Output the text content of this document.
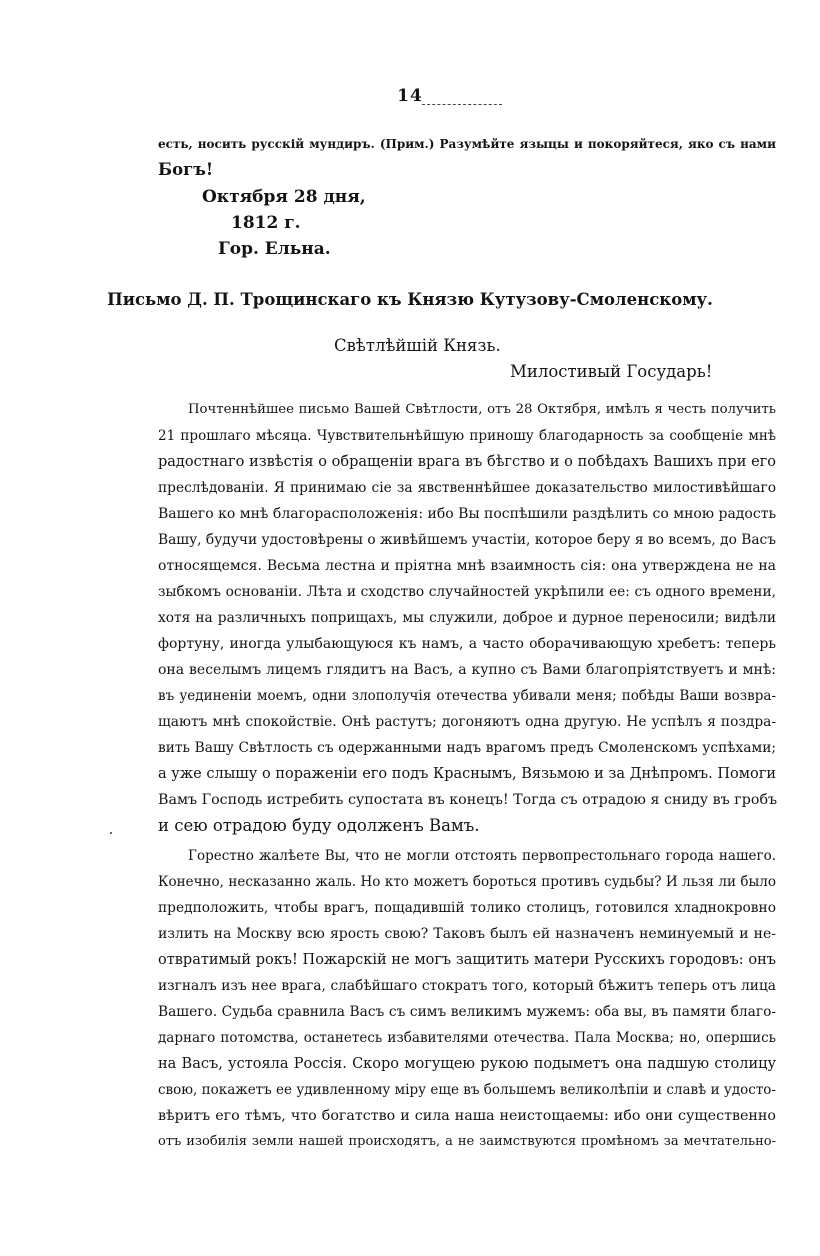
14
есть, носить русскій мундиръ. (Прим.) Разумѣйте языцы и покоряйтеся, яко съ нами
Богъ!
Октября 28 дня,
1812 г.
Гор. Ельна.
Письмо Д. П. Трощинскаго къ Князю Кутузову-Смоленскому.
Свѣтлѣйшій Князь.
Милостивый Государь!
Почтеннѣйшее письмо Вашей Свѣтлости, отъ 28 Октября, имѣлъ я честь получить
21 прошлаго мѣсяца. Чувствительнѣйшую приношу благодарность за сообщеніе мнѣ
радостнаго извѣстія о обращеніи врага въ бѣгство и о побѣдахъ Вашихъ при его
преслѣдованіи. Я принимаю сіе за явственнѣйшее доказательство милостивѣйшаго
Вашего ко мнѣ благорасположенія: ибо Вы поспѣшили раздѣлить со мною радость
Вашу, будучи удостовѣрены о живѣйшемъ участіи, которое беру я во всемъ, до Васъ
относящемся. Весьма лестна и пріятна мнѣ взаимность сія: она утверждена не на
зыбкомъ основаніи. Лѣта и сходство случайностей укрѣпили ее: съ одного времени,
хотя на различныхъ поприщахъ, мы служили, доброе и дурное переносили; видѣли
фортуну, иногда улыбающуюся къ намъ, а часто оборачивающую хребетъ: теперь
она веселымъ лицемъ глядитъ на Васъ, а купно съ Вами благопріятствуетъ и мнѣ:
въ уединеніи моемъ, одни злополучія отечества убивали меня; побѣды Ваши возвра-
щаютъ мнѣ спокойствіе. Онѣ растутъ; догоняютъ одна другую. Не успѣлъ я поздра-
вить Вашу Свѣтлость съ одержанными надъ врагомъ предъ Смоленскомъ успѣхами;
а уже слышу о пораженіи его подъ Краснымъ, Вязьмою и за Днѣпромъ. Помоги
Вамъ Господь истребить супостата въ конецъ! Тогда съ отрадою я сниду въ гробъ
и сею отрадою буду одолженъ Вамъ.
Горестно жалѣете Вы, что не могли отстоять первопрестольнаго города нашего.
Конечно, несказанно жаль. Но кто можетъ бороться противъ судьбы? И льзя ли было
предположить, чтобы врагъ, пощадившій толико столицъ, готовился хладнокровно
излить на Москву всю ярость свою? Таковъ былъ ей назначенъ неминуемый и не-
отвратимый рокъ! Пожарскій не могъ защитить матери Русскихъ городовъ: онъ
изгналъ изъ нее врага, слабѣйшаго стократъ того, который бѣжитъ теперь отъ лица
Вашего. Судьба сравнила Васъ съ симъ великимъ мужемъ: оба вы, въ памяти благо-
дарнаго потомства, останетесь избавителями отечества. Пала Москва; но, опершись
на Васъ, устояла Россія. Скоро могущею рукою подыметъ она падшую столицу
свою, покажетъ ее удивленному міру еще въ большемъ великолѣпіи и славѣ и удосто-
вѣритъ его тѣмъ, что богатство и сила наша неистощаемы: ибо они существенно
отъ изобилія земли нашей происходятъ, а не заимствуются промѣномъ за мечтательно-
